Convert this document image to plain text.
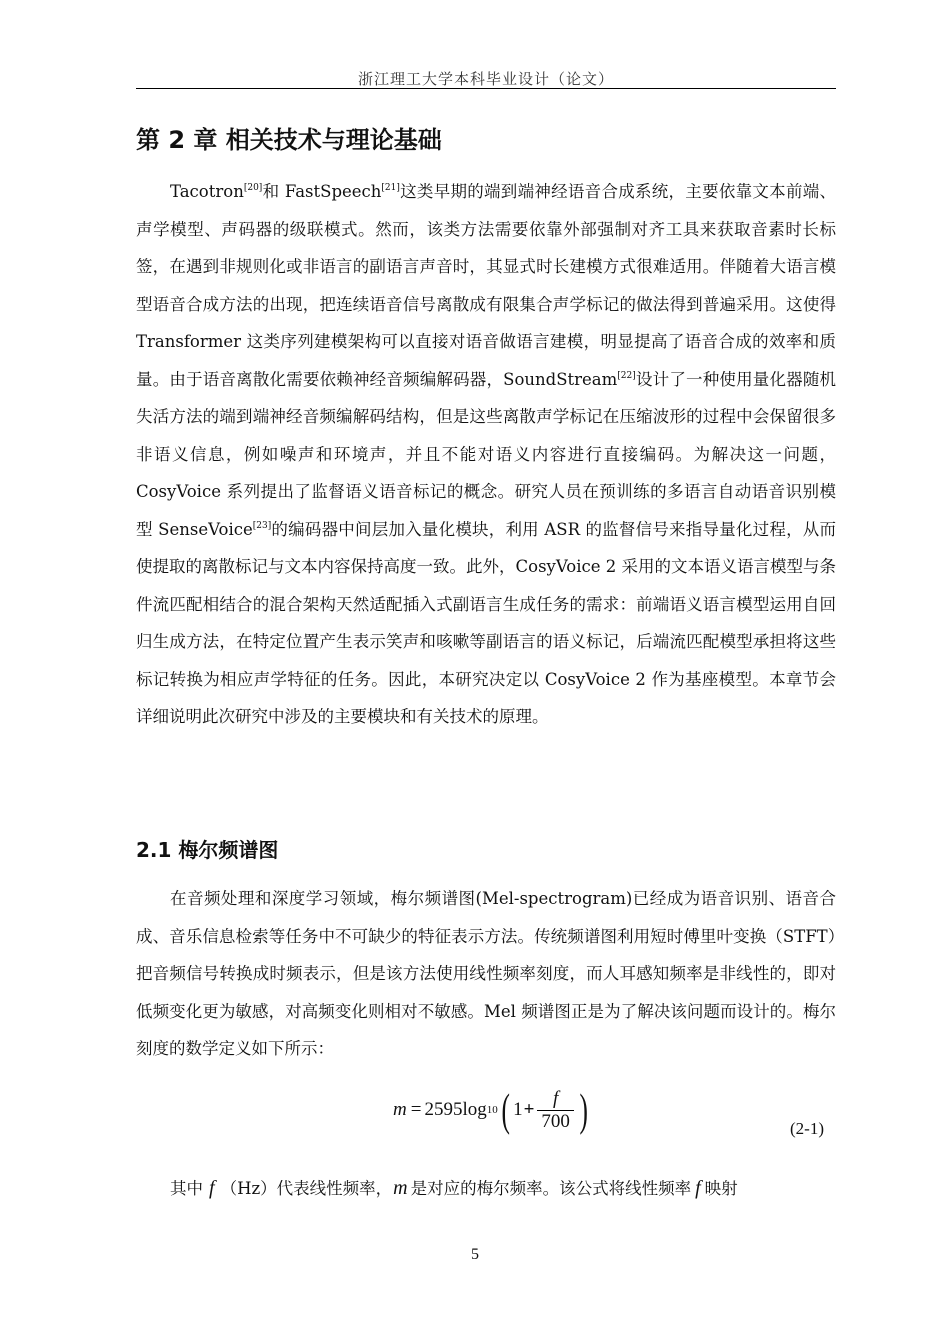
浙江理工大学本科毕业设计（论文）
第 2 章 相关技术与理论基础

Tacotron[20]和 FastSpeech[21]这类早期的端到端神经语音合成系统，主要依靠文本前端、声学模型、声码器的级联模式。然而，该类方法需要依靠外部强制对齐工具来获取音素时长标签，在遇到非规则化或非语言的副语言声音时，其显式时长建模方式很难适用。伴随着大语言模型语音合成方法的出现，把连续语音信号离散成有限集合声学标记的做法得到普遍采用。这使得 Transformer 这类序列建模架构可以直接对语音做语言建模，明显提高了语音合成的效率和质量。由于语音离散化需要依赖神经音频编解码器，SoundStream[22]设计了一种使用量化器随机失活方法的端到端神经音频编解码结构，但是这些离散声学标记在压缩波形的过程中会保留很多非语义信息，例如噪声和环境声，并且不能对语义内容进行直接编码。为解决这一问题，CosyVoice 系列提出了监督语义语音标记的概念。研究人员在预训练的多语言自动语音识别模型 SenseVoice[23]的编码器中间层加入量化模块，利用 ASR 的监督信号来指导量化过程，从而使提取的离散标记与文本内容保持高度一致。此外，CosyVoice 2 采用的文本语义语言模型与条件流匹配相结合的混合架构天然适配插入式副语言生成任务的需求：前端语义语言模型运用自回归生成方法，在特定位置产生表示笑声和咳嗽等副语言的语义标记，后端流匹配模型承担将这些标记转换为相应声学特征的任务。因此，本研究决定以 CosyVoice 2 作为基座模型。本章节会详细说明此次研究中涉及的主要模块和有关技术的原理。

2.1 梅尔频谱图

在音频处理和深度学习领域，梅尔频谱图(Mel-spectrogram)已经成为语音识别、语音合成、音乐信息检索等任务中不可缺少的特征表示方法。传统频谱图利用短时傅里叶变换（STFT）把音频信号转换成时频表示，但是该方法使用线性频率刻度，而人耳感知频率是非线性的，即对低频变化更为敏感，对高频变化则相对不敏感。Mel 频谱图正是为了解决该问题而设计的。梅尔刻度的数学定义如下所示：

m = 2595 log 10 ( $1 + \frac{f}{700}$ )	(2-1)

其中 f （Hz）代表线性频率，m 是对应的梅尔频率。该公式将线性频率 f 映射

5
